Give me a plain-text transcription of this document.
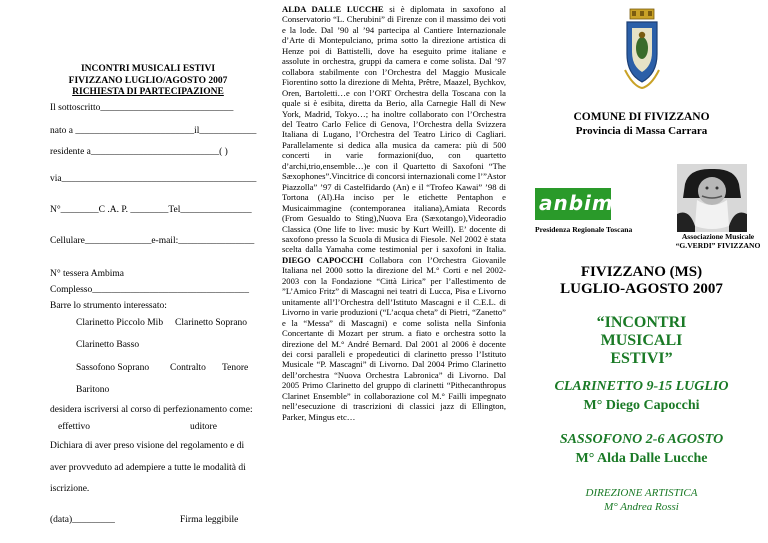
INCONTRI MUSICALI ESTIVI
FIVIZZANO LUGLIO/AGOSTO 2007
RICHIESTA DI PARTECIPAZIONE
Il sottoscritto____________________________
nato a _________________________il____________
residente a___________________________( )
via_________________________________________
N°________C .A. P. ________Tel_______________
Cellulare______________e-mail:________________
N° tessera Ambima
Complesso_________________________________
Barre lo strumento interessato:
Clarinetto Piccolo Mib Clarinetto Soprano
Clarinetto Basso
Sassofono Soprano Contralto Tenore
Baritono
desidera iscriversi al corso di perfezionamento come:
effettivo	uditore
Dichiara di aver preso visione del regolamento e di
aver provveduto ad adempiere a tutte le modalità di
iscrizione.
(data)_________	Firma leggibile
ALDA DALLE LUCCHE si è diplomata in saxofono al Conservatorio “L. Cherubini” di Firenze con il massimo dei voti e la lode. Dal ’90 al ’94 partecipa al Cantiere Internazionale d’Arte di Montepulciano, prima sotto la direzione artistica di Henze poi di Battistelli, dove ha eseguito prime italiane e assolute in orchestra, gruppi da camera e come solista. Dal ’97 collabora stabilmente con l’Orchestra del Maggio Musicale Fiorentino sotto la direzione di Mehta, Prêtre, Maazel, Bychkov, Oren, Bartoletti…e con l’ORT Orchestra della Toscana con la quale si è esibita, diretta da Berio, alla Carnegie Hall di New York, Madrid, Tokyo…; ha inoltre collaborato con l’Orchestra del Teatro Carlo Felice di Genova, l’Orchestra della Svizzera Italiana di Lugano, l’Orchestra del Teatro Lirico di Cagliari. Parallelamente si dedica alla musica da camera: più di 500 concerti in varie formazioni(duo, con quartetto d’archi,trio,ensemble…)e con il Quartetto di Saxofoni “The Sæxophones”.Vincitrice di concorsi internazionali come l’”Astor Piazzolla” ’97 di Castelfidardo (An) e il “Trofeo Kawai” ’98 di Tortona (Al).Ha inciso per le etichette Pentaphon e Musicaimmagine (contemporanea italiana),Amiata Records (From Gesualdo to Sting),Nuova Era (Sæxotango),Videoradio Classica (One life to live: music by Kurt Weill). E’ docente di saxofono presso la Scuola di Musica di Fiesole. Nel 2002 è stata scelta dalla Yamaha come testimonial per i saxofoni in Italia. DIEGO CAPOCCHI Collabora con l’Orchestra Giovanile Italiana nel 2000 sotto la direzione del M.° Corti e nel 2002-2003 con la Fondazione “Città Lirica” per l’allestimento de ”L’Amico Fritz” di Mascagni nei teatri di Lucca, Pisa e Livorno unitamente all’l’Orchestra dell’Istituto Mascagni e il C.E.L. di Livorno in varie produzioni (“L’acqua cheta” di Pietri, “Zanetto” e la “Messa” di Mascagni) e come solista nella Sinfonia Concertante di Mozart per strum. a fiato e orchestra sotto la direzione del M.° André Bernard. Dal 2001 al 2006 è docente dei corsi paralleli e propedeutici di clarinetto presso l’Istituto Musicale “P. Mascagni” di Livorno. Dal 2004 Primo Clarinetto dell’orchestra “Nuova Orchestra Labronica” di Livorno. Dal 2005 Primo Clarinetto del gruppo di clarinetti “Pithecanthropus Clarinet Ensemble” in collaborazione col M.° Failli impegnato nell’esecuzione di trascrizioni di classici jazz di Ellington, Parker, Mingus etc…
COMUNE DI FIVIZZANO
Provincia di Massa Carrara
anbima
Presidenza Regionale Toscana
Associazione Musicale
“G.VERDI” FIVIZZANO
FIVIZZANO (MS)
LUGLIO-AGOSTO 2007
“INCONTRI
MUSICALI
ESTIVI”
CLARINETTO 9-15 LUGLIO
M° Diego Capocchi
SASSOFONO 2-6 AGOSTO
M° Alda Dalle Lucche
DIREZIONE ARTISTICA
M° Andrea Rossi
